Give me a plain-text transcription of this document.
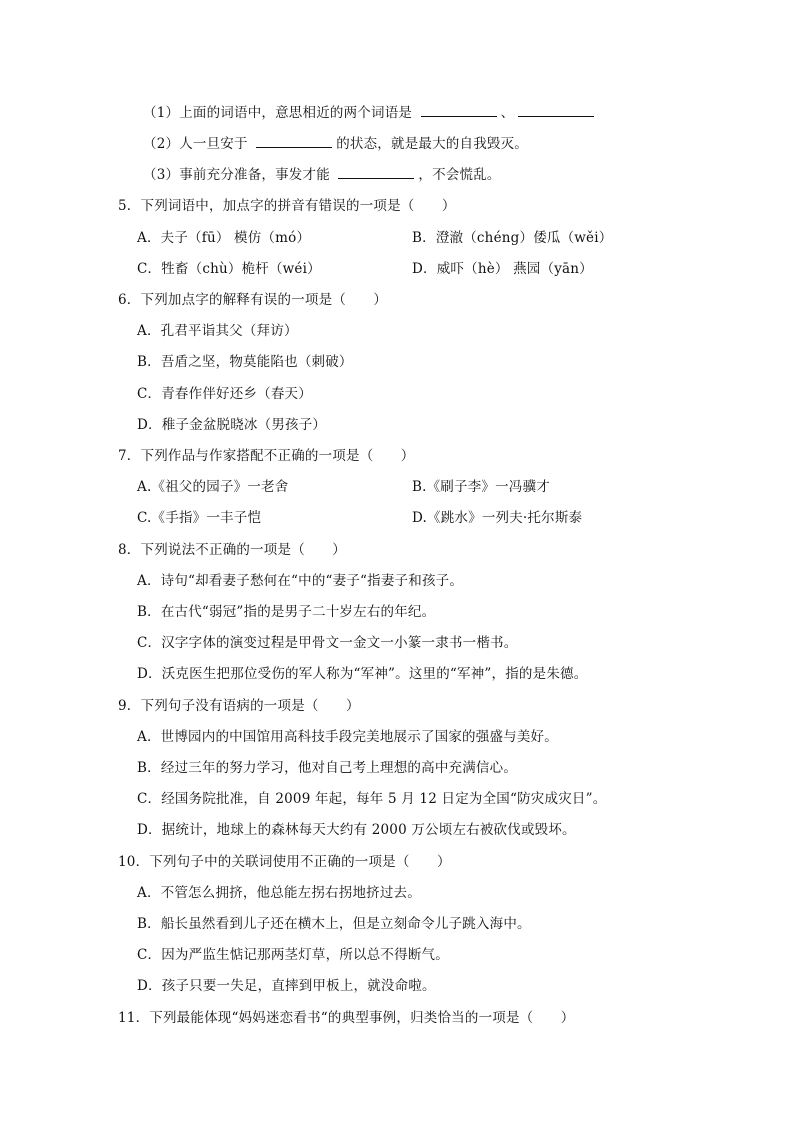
（1）上面的词语中，意思相近的两个词语是	、
（2）人一旦安于	的状态，就是最大的自我毁灭。
（3）事前充分准备，事发才能	，不会慌乱。
5．下列词语中，加点字的拼音有错误的一项是（　　）
A．夫子（fū） 模仿（mó）	B．澄澈（chéng）倭瓜（wěi）
C．牲畜（chù）桅杆（wéi）	D．威吓（hè） 燕园（yān）
6．下列加点字的解释有误的一项是（　　）
A．孔君平诣其父（拜访）
B．吾盾之坚，物莫能陷也（刺破）
C．青春作伴好还乡（春天）
D．稚子金盆脱晓冰（男孩子）
7．下列作品与作家搭配不正确的一项是（　　）
A.《祖父的园子》一老舍	B.《刷子李》一冯骥才
C.《手指》一丰子恺	D.《跳水》一列夫·托尔斯泰
8．下列说法不正确的一项是（　　）
A．诗句“却看妻子愁何在“中的“妻子“指妻子和孩子。
B．在古代“弱冠”指的是男子二十岁左右的年纪。
C．汉字字体的演变过程是甲骨文一金文一小篆一隶书一楷书。
D．沃克医生把那位受伤的军人称为“军神”。这里的“军神”，指的是朱德。
9．下列句子没有语病的一项是（　　）
A．世博园内的中国馆用高科技手段完美地展示了国家的强盛与美好。
B．经过三年的努力学习，他对自己考上理想的高中充满信心。
C．经国务院批准，自 2009 年起，每年 5 月 12 日定为全国“防灾成灾日”。
D．据统计，地球上的森林每天大约有 2000 万公顷左右被砍伐或毁坏。
10．下列句子中的关联词使用不正确的一项是（　　）
A．不管怎么拥挤，他总能左拐右拐地挤过去。
B．船长虽然看到儿子还在横木上，但是立刻命令儿子跳入海中。
C．因为严监生惦记那两茎灯草，所以总不得断气。
D．孩子只要一失足，直摔到甲板上，就没命啦。
11．下列最能体现“妈妈迷恋看书“的典型事例，归类恰当的一项是（　　）
